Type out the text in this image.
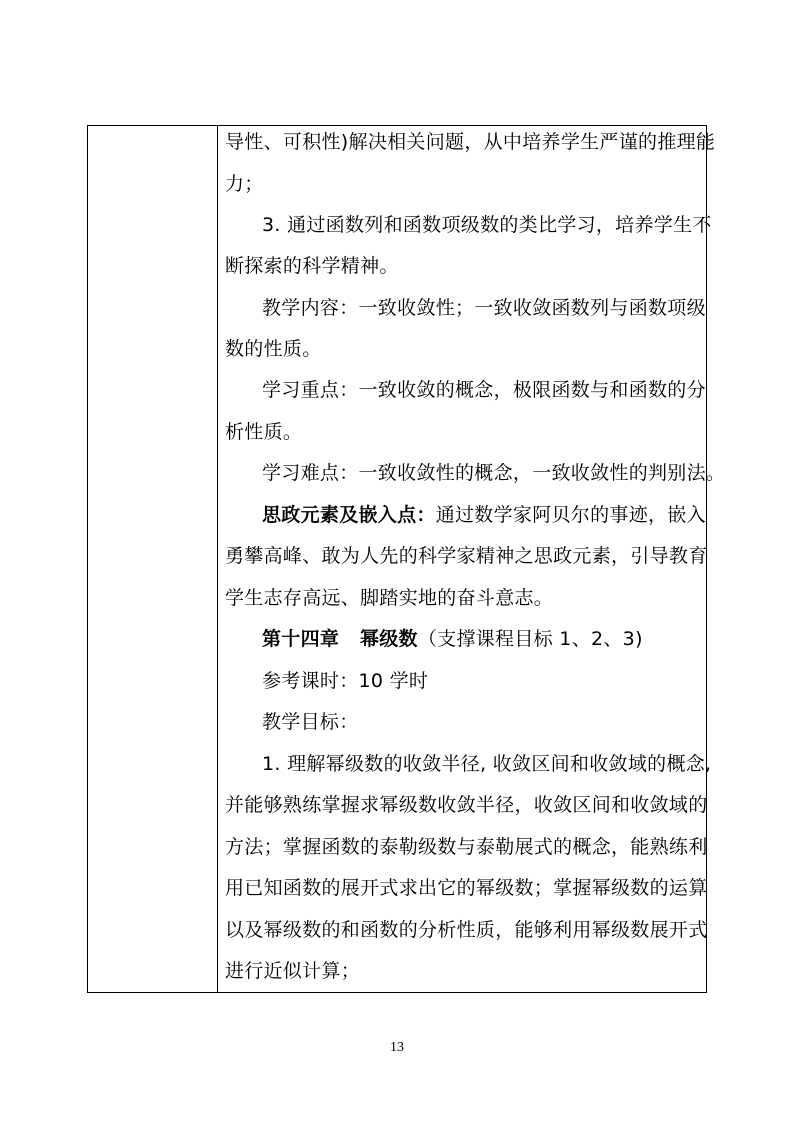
导性、可积性)解决相关问题，从中培养学生严谨的推理能
力；
3. 通过函数列和函数项级数的类比学习，培养学生不
断探索的科学精神。
教学内容：一致收敛性；一致收敛函数列与函数项级
数的性质。
学习重点：一致收敛的概念，极限函数与和函数的分
析性质。
学习难点：一致收敛性的概念，一致收敛性的判别法。
思政元素及嵌入点：通过数学家阿贝尔的事迹，嵌入
勇攀高峰、敢为人先的科学家精神之思政元素，引导教育
学生志存高远、脚踏实地的奋斗意志。
第十四章   幂级数（支撑课程目标 1、2、3)
参考课时：10 学时
教学目标：
1. 理解幂级数的收敛半径, 收敛区间和收敛域的概念,
并能够熟练掌握求幂级数收敛半径，收敛区间和收敛域的
方法；掌握函数的泰勒级数与泰勒展式的概念，能熟练利
用已知函数的展开式求出它的幂级数；掌握幂级数的运算
以及幂级数的和函数的分析性质，能够利用幂级数展开式
进行近似计算；
13
